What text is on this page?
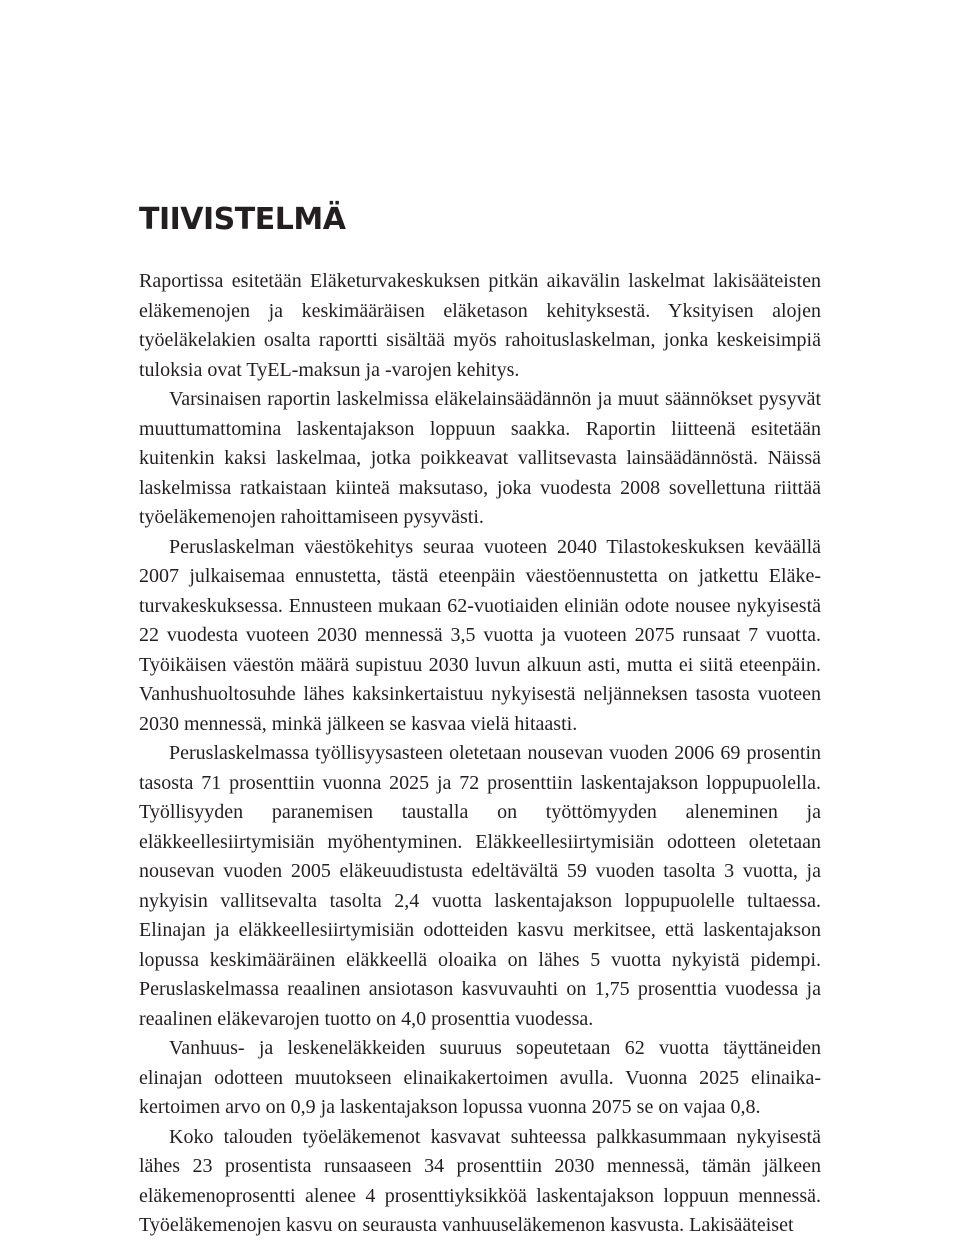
TIIVISTELMÄ

Raportissa esitetään Eläketurvakeskuksen pitkän aikavälin laskelmat lakisääteisten eläkemenojen ja keskimääräisen eläketason kehityksestä. Yksityisen alojen työeläkelakien osalta raportti sisältää myös rahoituslaskelman, jonka keskeisimpiä tuloksia ovat TyEL-maksun ja -varojen kehitys.

Varsinaisen raportin laskelmissa eläkelainsäädännön ja muut säännökset pysyvät muuttumattomina laskentajakson loppuun saakka. Raportin liitteenä esitetään kuitenkin kaksi laskelmaa, jotka poikkeavat vallitsevasta lainsäädännöstä. Näissä laskelmissa ratkaistaan kiinteä maksutaso, joka vuodesta 2008 sovellettuna riittää työeläkemenojen rahoittamiseen pysyvästi.

Peruslaskelman väestökehitys seuraa vuoteen 2040 Tilastokeskuksen keväällä 2007 julkaisemaa ennustetta, tästä eteenpäin väestöennustetta on jatkettu Eläketurvakeskuksessa. Ennusteen mukaan 62-vuotiaiden eliniän odote nousee nykyisestä 22 vuodesta vuoteen 2030 mennessä 3,5 vuotta ja vuoteen 2075 runsaat 7 vuotta. Työikäisen väestön määrä supistuu 2030 luvun alkuun asti, mutta ei siitä eteenpäin. Vanhushuoltosuhde lähes kaksinkertaistuu nykyisestä neljänneksen tasosta vuoteen 2030 mennessä, minkä jälkeen se kasvaa vielä hitaasti.

Peruslaskelmassa työllisyysasteen oletetaan nousevan vuoden 2006 69 prosentin tasosta 71 prosenttiin vuonna 2025 ja 72 prosenttiin laskentajakson loppupuolella. Työllisyyden paranemisen taustalla on työttömyyden aleneminen ja eläkkeellesiirtymisiän myöhentyminen. Eläkkeellesiirtymisiän odotteen oletetaan nousevan vuoden 2005 eläkeuudistusta edeltävältä 59 vuoden tasolta 3 vuotta, ja nykyisin vallitsevalta tasolta 2,4 vuotta laskentajakson loppupuolelle tultaessa. Elinajan ja eläkkeellesiirtymisiän odotteiden kasvu merkitsee, että laskentajakson lopussa keskimääräinen eläkkeellä oloaika on lähes 5 vuotta nykyistä pidempi. Peruslaskelmassa reaalinen ansiotason kasvuvauhti on 1,75 prosenttia vuodessa ja reaalinen eläkevarojen tuotto on 4,0 prosenttia vuodessa.

Vanhuus- ja leskeneläkkeiden suuruus sopeutetaan 62 vuotta täyttäneiden elinajan odotteen muutokseen elinaikakertoimen avulla. Vuonna 2025 elinaikakertoimen arvo on 0,9 ja laskentajakson lopussa vuonna 2075 se on vajaa 0,8.

Koko talouden työeläkemenot kasvavat suhteessa palkkasummaan nykyisestä lähes 23 prosentista runsaaseen 34 prosenttiin 2030 mennessä, tämän jälkeen eläkemenoprosentti alenee 4 prosenttiyksikköä laskentajakson loppuun mennessä. Työeläkemenojen kasvu on seurausta vanhuuseläkemenon kasvusta. Lakisääteiset
